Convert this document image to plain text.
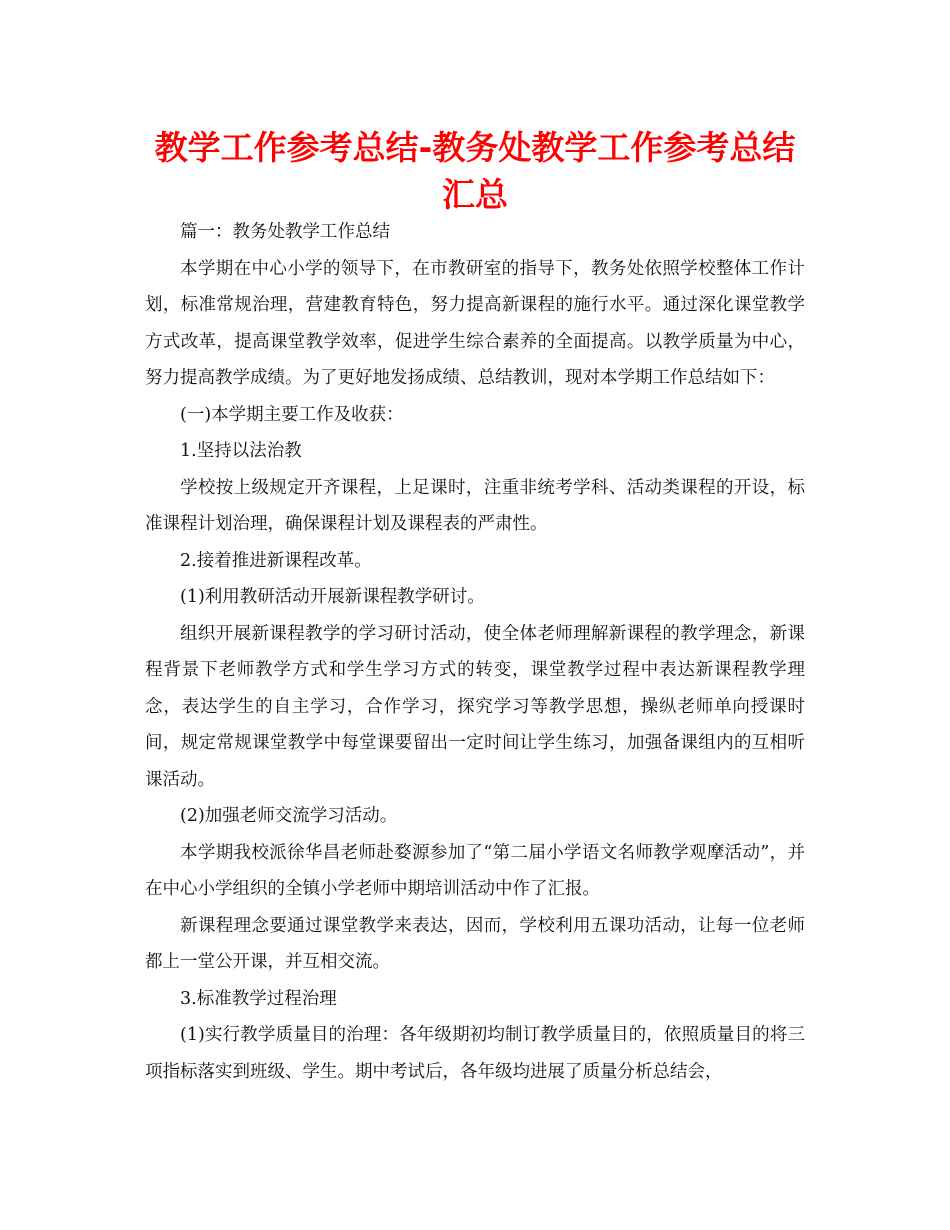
教学工作参考总结-教务处教学工作参考总结汇总

篇一：教务处教学工作总结

本学期在中心小学的领导下，在市教研室的指导下，教务处依照学校整体工作计划，标准常规治理，营建教育特色，努力提高新课程的施行水平。通过深化课堂教学方式改革，提高课堂教学效率，促进学生综合素养的全面提高。以教学质量为中心，努力提高教学成绩。为了更好地发扬成绩、总结教训，现对本学期工作总结如下：

(一)本学期主要工作及收获：

1.坚持以法治教

学校按上级规定开齐课程，上足课时，注重非统考学科、活动类课程的开设，标准课程计划治理，确保课程计划及课程表的严肃性。

2.接着推进新课程改革。

(1)利用教研活动开展新课程教学研讨。

组织开展新课程教学的学习研讨活动，使全体老师理解新课程的教学理念，新课程背景下老师教学方式和学生学习方式的转变，课堂教学过程中表达新课程教学理念，表达学生的自主学习，合作学习，探究学习等教学思想，操纵老师单向授课时间，规定常规课堂教学中每堂课要留出一定时间让学生练习，加强备课组内的互相听课活动。

(2)加强老师交流学习活动。

本学期我校派徐华昌老师赴婺源参加了“第二届小学语文名师教学观摩活动”，并在中心小学组织的全镇小学老师中期培训活动中作了汇报。

新课程理念要通过课堂教学来表达，因而，学校利用五课功活动，让每一位老师都上一堂公开课，并互相交流。

3.标准教学过程治理

(1)实行教学质量目的治理：各年级期初均制订教学质量目的，依照质量目的将三项指标落实到班级、学生。期中考试后，各年级均进展了质量分析总结会，
